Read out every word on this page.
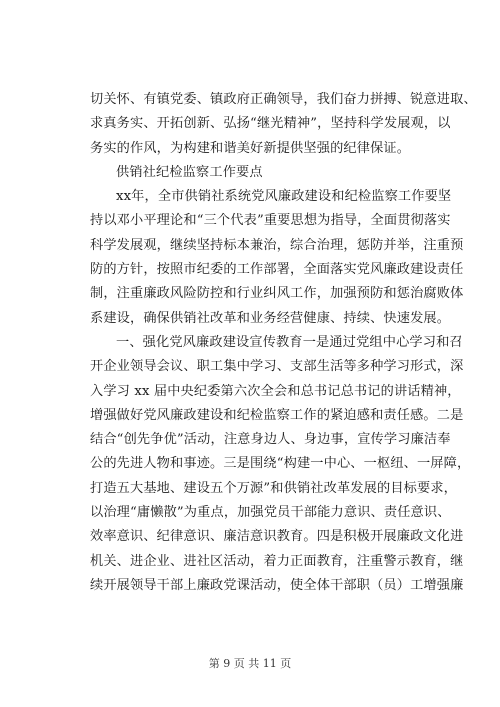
切关怀、有镇党委、镇政府正确领导，我们奋力拼搏、锐意进取、
求真务实、开拓创新、弘扬“继光精神”，坚持科学发展观，以
务实的作风，为构建和谐美好新提供坚强的纪律保证。
供销社纪检监察工作要点
xx年，全市供销社系统党风廉政建设和纪检监察工作要坚
持以邓小平理论和“三个代表”重要思想为指导，全面贯彻落实
科学发展观，继续坚持标本兼治，综合治理，惩防并举，注重预
防的方针，按照市纪委的工作部署，全面落实党风廉政建设责任
制，注重廉政风险防控和行业纠风工作，加强预防和惩治腐败体
系建设，确保供销社改革和业务经营健康、持续、快速发展。
一、强化党风廉政建设宣传教育一是通过党组中心学习和召
开企业领导会议、职工集中学习、支部生活等多种学习形式，深
入学习 xx 届中央纪委第六次全会和总书记总书记的讲话精神，
增强做好党风廉政建设和纪检监察工作的紧迫感和责任感。二是
结合“创先争优”活动，注意身边人、身边事，宣传学习廉洁奉
公的先进人物和事迹。三是围绕“构建一中心、一枢纽、一屏障，
打造五大基地、建设五个万源”和供销社改革发展的目标要求，
以治理“庸懒散”为重点，加强党员干部能力意识、责任意识、
效率意识、纪律意识、廉洁意识教育。四是积极开展廉政文化进
机关、进企业、进社区活动，着力正面教育，注重警示教育，继
续开展领导干部上廉政党课活动，使全体干部职（员）工增强廉
第 9 页 共 11 页
